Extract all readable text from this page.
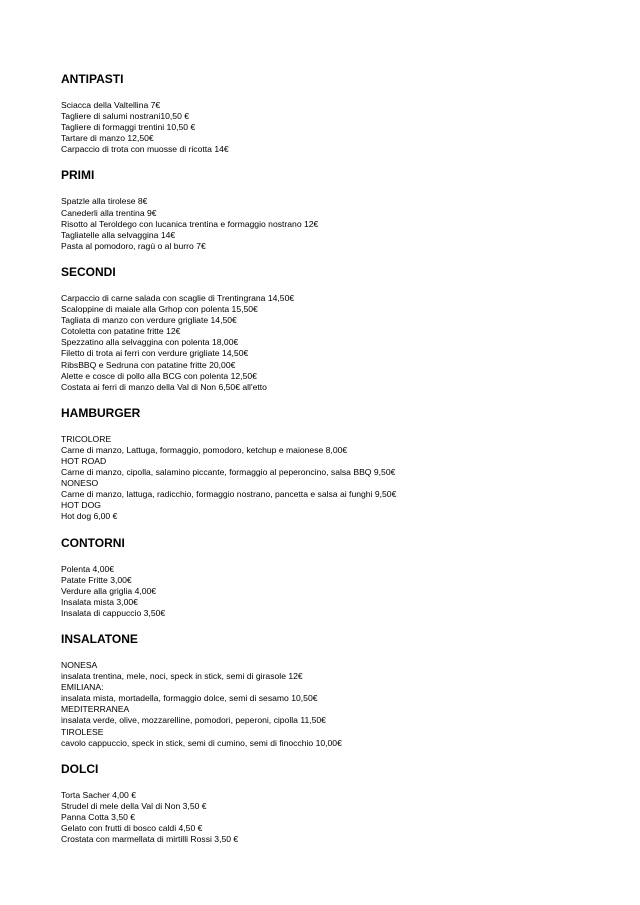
ANTIPASTI
Sciacca della Valtellina 7€
Tagliere di salumi nostrani10,50 €
Tagliere di formaggi trentini 10,50 €
Tartare di manzo 12,50€
Carpaccio di trota con muosse di ricotta 14€
PRIMI
Spatzle alla tirolese 8€
Canederli alla trentina 9€
Risotto al Teroldego con lucanica trentina e formaggio nostrano 12€
Tagliatelle alla selvaggina 14€
Pasta al pomodoro, ragù o al burro 7€
SECONDI
Carpaccio di carne salada con scaglie di Trentingrana 14,50€
Scaloppine di maiale alla Grhop con polenta 15,50€
Tagliata di manzo con verdure grigliate 14,50€
Cotoletta con patatine fritte 12€
Spezzatino alla selvaggina con polenta 18,00€
Filetto di trota ai ferri con verdure grigliate 14,50€
RibsBBQ e Sedruna con patatine fritte 20,00€
Alette e cosce di pollo alla BCG con polenta 12,50€
Costata ai ferri di manzo della Val di Non 6,50€ all'etto
HAMBURGER
TRICOLORE
Carne di manzo, Lattuga, formaggio, pomodoro, ketchup e maionese 8,00€
HOT ROAD
Carne di manzo, cipolla, salamino piccante, formaggio al peperoncino, salsa BBQ 9,50€
NONESO
Carne di manzo, lattuga, radicchio, formaggio nostrano, pancetta e salsa ai funghi 9,50€
HOT DOG
Hot dog 6,00 €
CONTORNI
Polenta 4,00€
Patate Fritte 3,00€
Verdure alla griglia 4,00€
Insalata mista 3,00€
Insalata di cappuccio 3,50€
INSALATONE
NONESA
insalata trentina, mele, noci, speck in stick, semi di girasole 12€
EMILIANA:
insalata mista, mortadella, formaggio dolce, semi di sesamo 10,50€
MEDITERRANEA
insalata verde, olive, mozzarelline, pomodori, peperoni, cipolla 11,50€
TIROLESE
cavolo cappuccio, speck in stick, semi di cumino, semi di finocchio 10,00€
DOLCI
Torta Sacher 4,00 €
Strudel di mele della Val di Non 3,50 €
Panna Cotta 3,50 €
Gelato con frutti di bosco caldi 4,50 €
Crostata con marmellata di mirtilli Rossi 3,50 €
